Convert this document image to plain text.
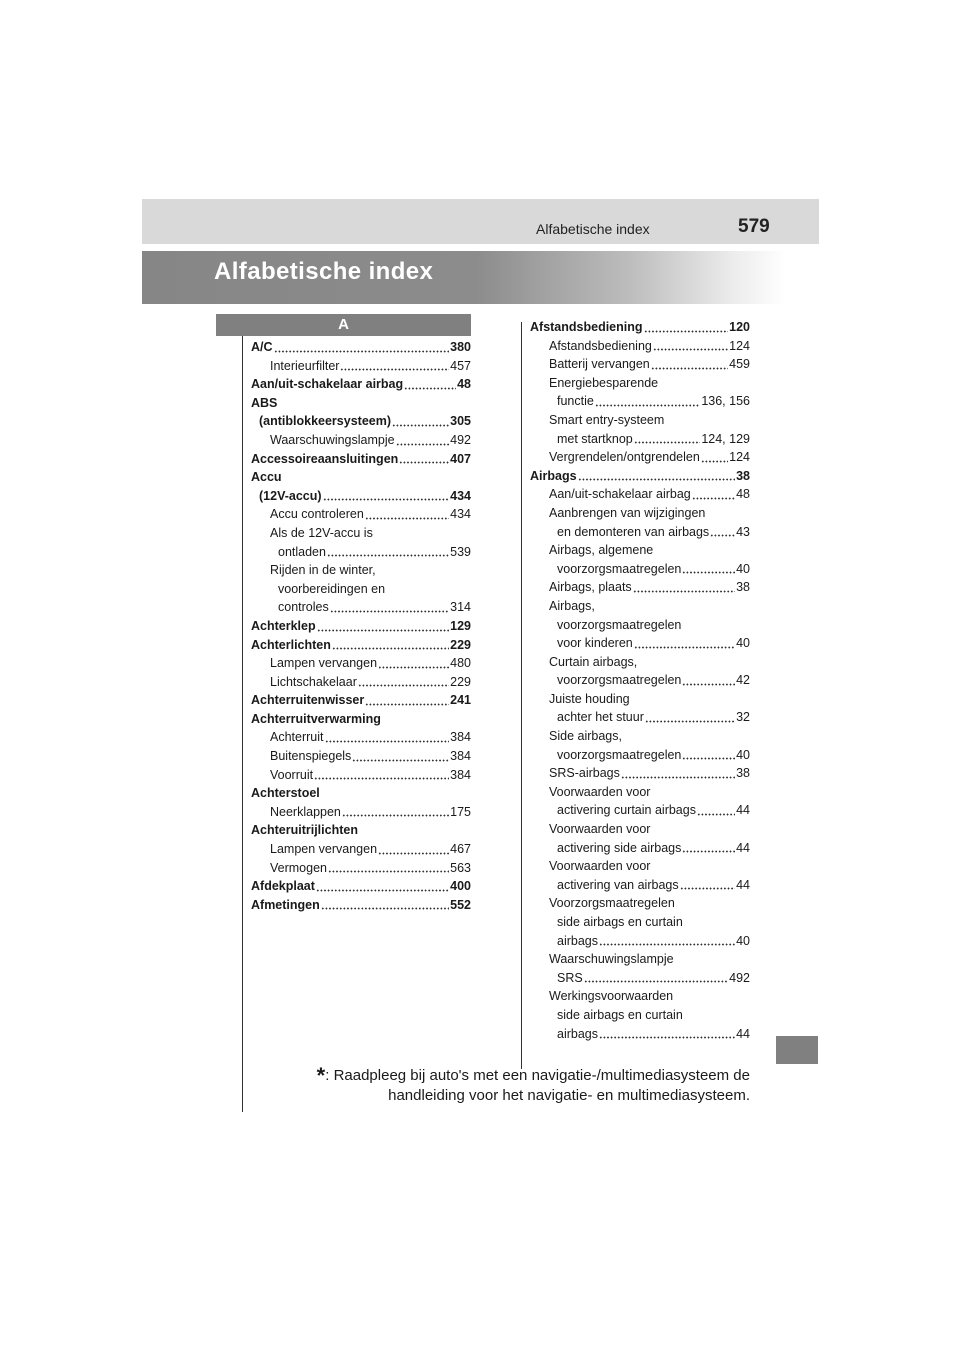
Alfabetische index	579
Alfabetische index
A
A/C	380
Interieurfilter	457
Aan/uit-schakelaar airbag	48
ABS
(antiblokkeersysteem)	305
Waarschuwingslampje	492
Accessoireaansluitingen	407
Accu
(12V-accu)	434
Accu controleren	434
Als de 12V-accu is
ontladen	539
Rijden in de winter,
voorbereidingen en
controles	314
Achterklep	129
Achterlichten	229
Lampen vervangen	480
Lichtschakelaar	229
Achterruitenwisser	241
Achterruitverwarming
Achterruit	384
Buitenspiegels	384
Voorruit	384
Achterstoel
Neerklappen	175
Achteruitrijlichten
Lampen vervangen	467
Vermogen	563
Afdekplaat	400
Afmetingen	552
Afstandsbediening	120
Afstandsbediening	124
Batterij vervangen	459
Energiebesparende
functie	136, 156
Smart entry-systeem
met startknop	124, 129
Vergrendelen/ontgrendelen 124
Airbags	38
Aan/uit-schakelaar airbag	48
Aanbrengen van wijzigingen
en demonteren van airbags 43
Airbags, algemene
voorzorgsmaatregelen	40
Airbags, plaats	38
Airbags,
voorzorgsmaatregelen
voor kinderen	40
Curtain airbags,
voorzorgsmaatregelen	42
Juiste houding
achter het stuur	32
Side airbags,
voorzorgsmaatregelen	40
SRS-airbags	38
Voorwaarden voor
activering curtain airbags	44
Voorwaarden voor
activering side airbags	44
Voorwaarden voor
activering van airbags	44
Voorzorgsmaatregelen
side airbags en curtain
airbags	40
Waarschuwingslampje
SRS	492
Werkingsvoorwaarden
side airbags en curtain
airbags	44
*: Raadpleeg bij auto's met een navigatie-/multimediasysteem de
handleiding voor het navigatie- en multimediasysteem.
